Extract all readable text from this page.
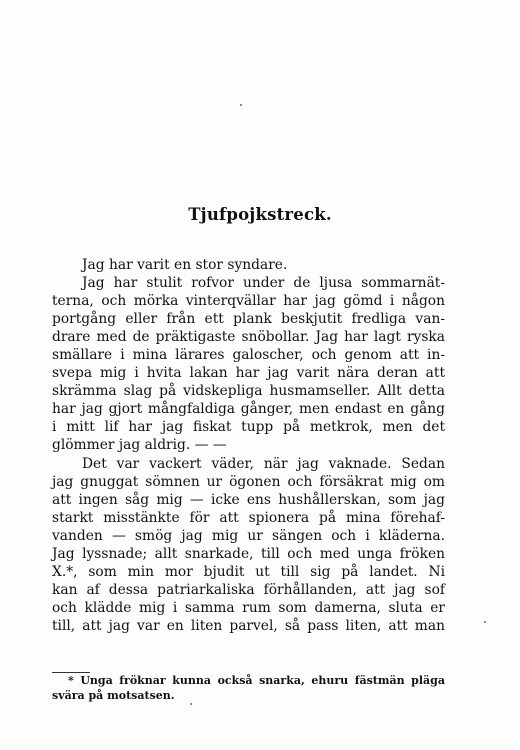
Tjufpojkstreck.
Jag har varit en stor syndare.
Jag har stulit rofvor under de ljusa sommarnät-
terna, och mörka vinterqvällar har jag gömd i någon
portgång eller från ett plank beskjutit fredliga van-
drare med de präktigaste snöbollar. Jag har lagt ryska
smällare i mina lärares galoscher, och genom att in-
svepa mig i hvita lakan har jag varit nära deran att
skrämma slag på vidskepliga husmamseller. Allt detta
har jag gjort mångfaldiga gånger, men endast en gång
i mitt lif har jag fiskat tupp på metkrok, men det
glömmer jag aldrig. — —
Det var vackert väder, när jag vaknade. Sedan
jag gnuggat sömnen ur ögonen och försäkrat mig om
att ingen såg mig — icke ens hushållerskan, som jag
starkt misstänkte för att spionera på mina förehaf-
vanden — smög jag mig ur sängen och i kläderna.
Jag lyssnade; allt snarkade, till och med unga fröken
X.*, som min mor bjudit ut till sig på landet. Ni
kan af dessa patriarkaliska förhållanden, att jag sof
och klädde mig i samma rum som damerna, sluta er
till, att jag var en liten parvel, så pass liten, att man
* Unga fröknar kunna också snarka, ehuru fästmän pläga
svära på motsatsen.
